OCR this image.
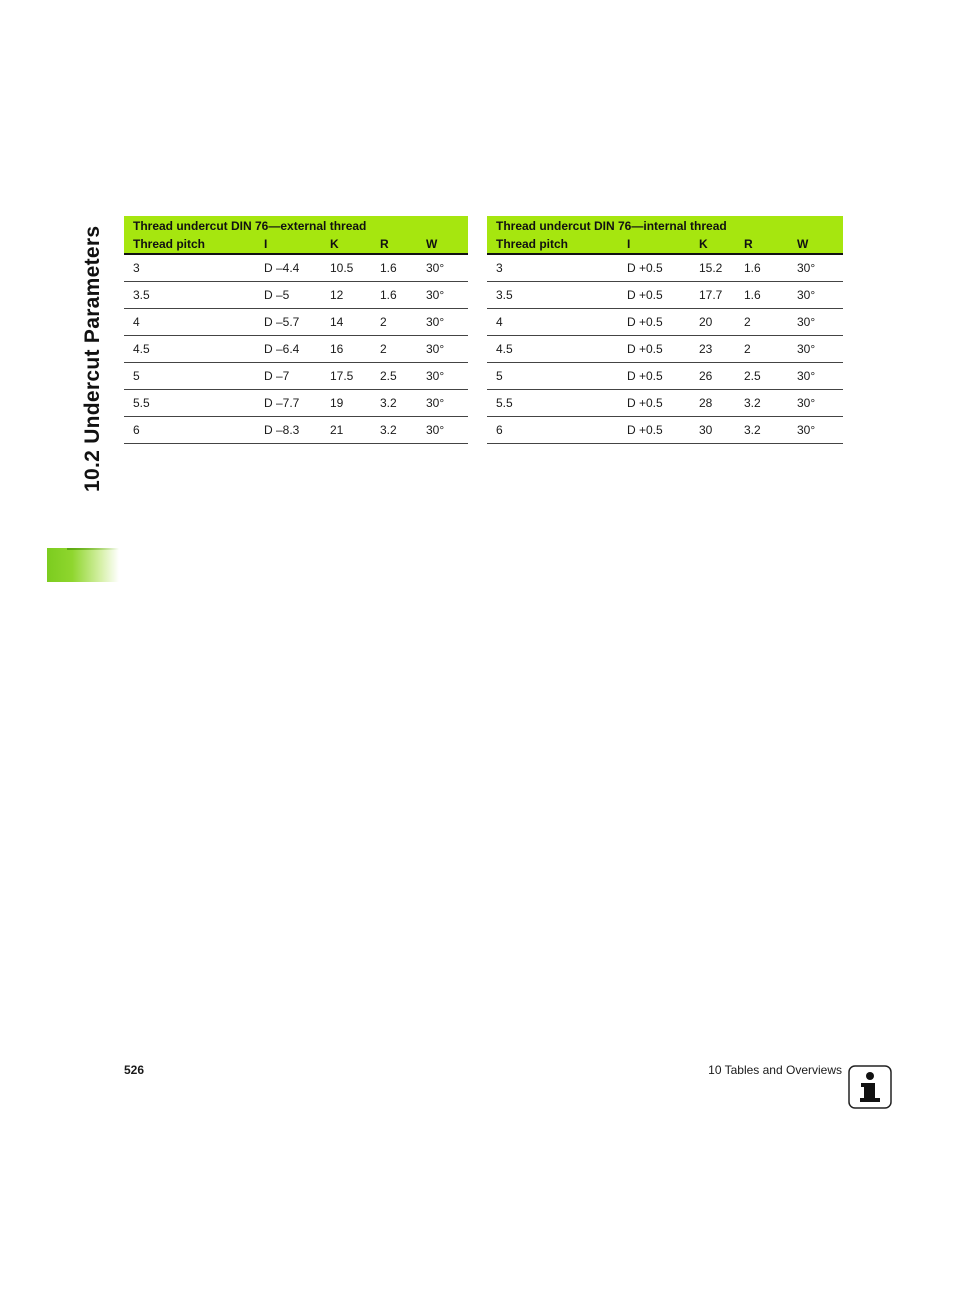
10.2 Undercut Parameters	Thread undercut DIN 76—external thread				
Thread pitch	I	K	R	W
3	D –4.4	10.5	1.6	30°
3.5	D –5	12	1.6	30°
4	D –5.7	14	2	30°
4.5	D –6.4	16	2	30°
5	D –7	17.5	2.5	30°
5.5	D –7.7	19	3.2	30°
6	D –8.3	21	3.2	30°
Thread undercut DIN 76—internal thread				
Thread pitch	I	K	R	W
3	D +0.5	15.2	1.6	30°
3.5	D +0.5	17.7	1.6	30°
4	D +0.5	20	2	30°
4.5	D +0.5	23	2	30°
5	D +0.5	26	2.5	30°
5.5	D +0.5	28	3.2	30°
6	D +0.5	30	3.2	30°
526	10 Tables and Overviews
